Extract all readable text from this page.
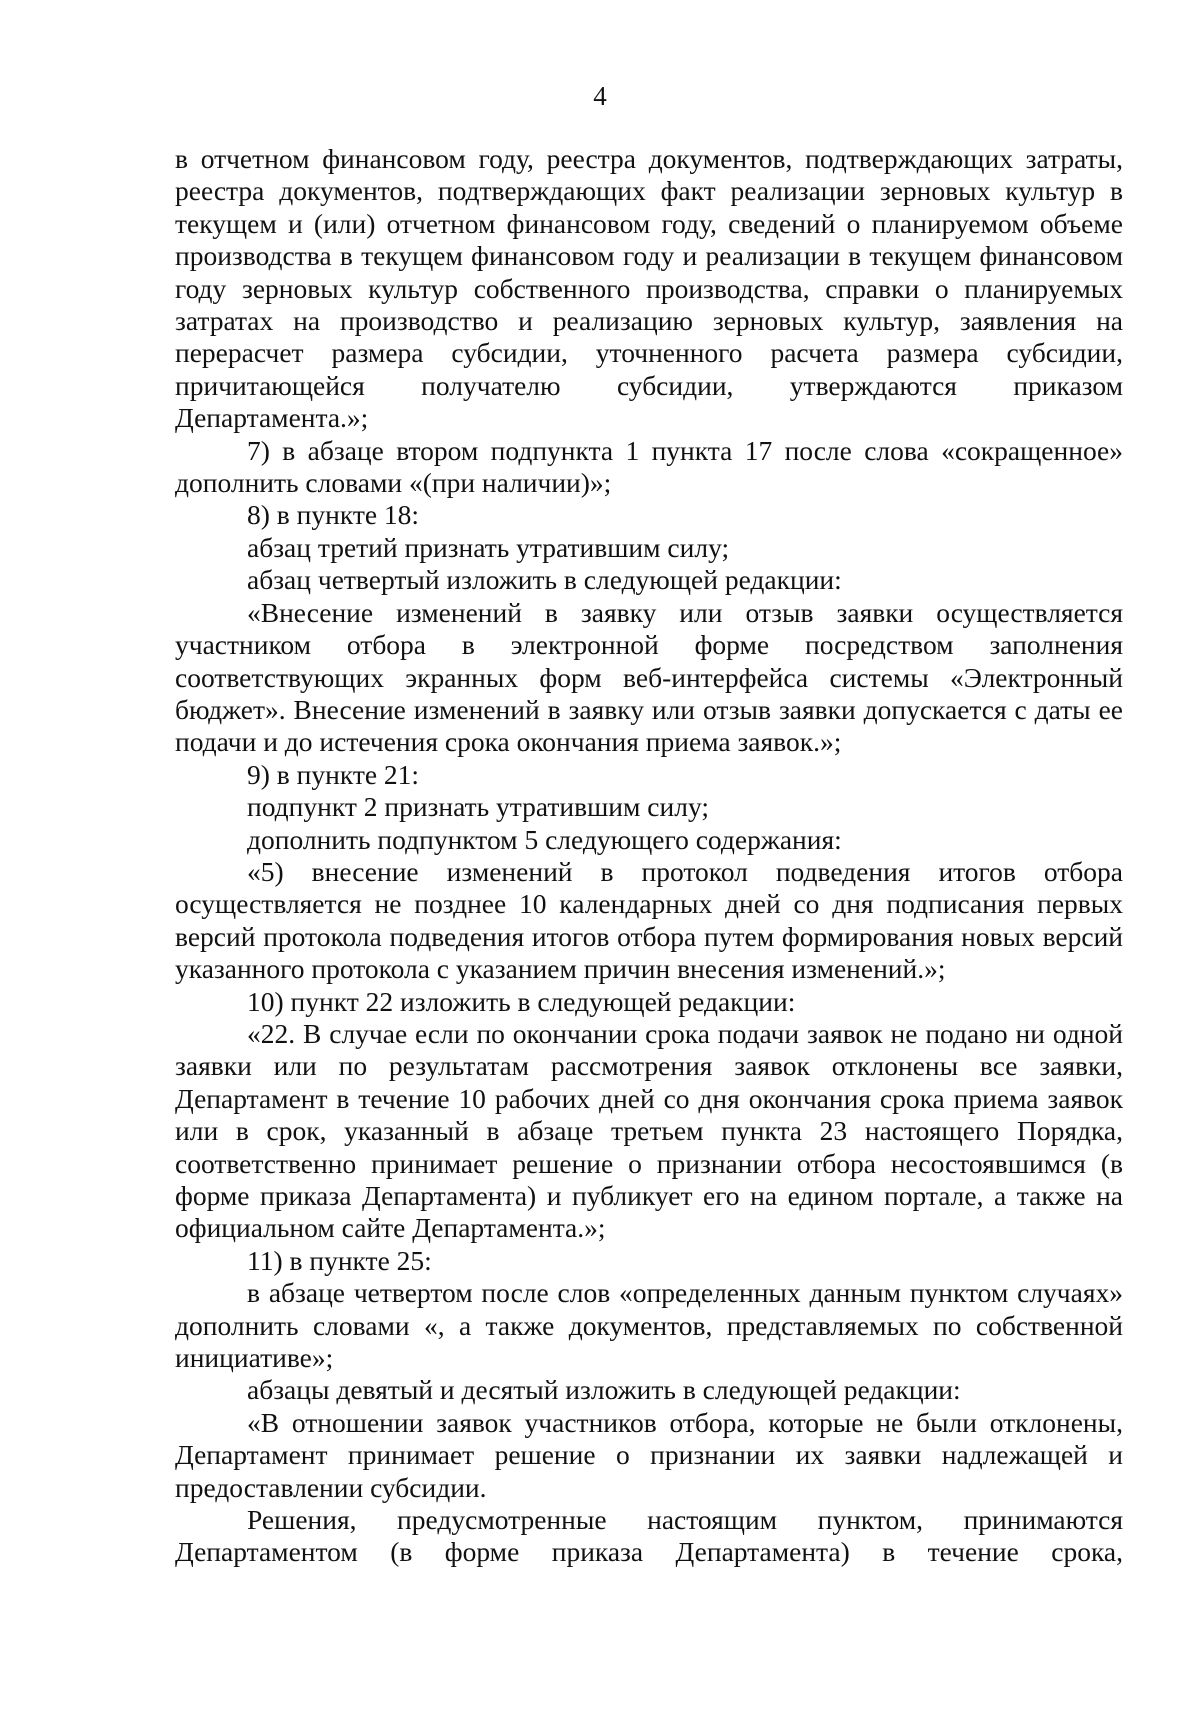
4

в отчетном финансовом году, реестра документов, подтверждающих затраты, реестра документов, подтверждающих факт реализации зерновых культур в текущем и (или) отчетном финансовом году, сведений о планируемом объеме производства в текущем финансовом году и реализации в текущем финансовом году зерновых культур собственного производства, справки о планируемых затратах на производство и реализацию зерновых культур, заявления на перерасчет размера субсидии, уточненного расчета размера субсидии, причитающейся получателю субсидии, утверждаются приказом Департамента.»;

7) в абзаце втором подпункта 1 пункта 17 после слова «сокращенное» дополнить словами «(при наличии)»;

8) в пункте 18:

абзац третий признать утратившим силу;

абзац четвертый изложить в следующей редакции:

«Внесение изменений в заявку или отзыв заявки осуществляется участником отбора в электронной форме посредством заполнения соответствующих экранных форм веб-интерфейса системы «Электронный бюджет». Внесение изменений в заявку или отзыв заявки допускается с даты ее подачи и до истечения срока окончания приема заявок.»;

9) в пункте 21:

подпункт 2 признать утратившим силу;

дополнить подпунктом 5 следующего содержания:

«5) внесение изменений в протокол подведения итогов отбора осуществляется не позднее 10 календарных дней со дня подписания первых версий протокола подведения итогов отбора путем формирования новых версий указанного протокола с указанием причин внесения изменений.»;

10) пункт 22 изложить в следующей редакции:

«22. В случае если по окончании срока подачи заявок не подано ни одной заявки или по результатам рассмотрения заявок отклонены все заявки, Департамент в течение 10 рабочих дней со дня окончания срока приема заявок или в срок, указанный в абзаце третьем пункта 23 настоящего Порядка, соответственно принимает решение о признании отбора несостоявшимся (в форме приказа Департамента) и публикует его на едином портале, а также на официальном сайте Департамента.»;

11) в пункте 25:

в абзаце четвертом после слов «определенных данным пунктом случаях» дополнить словами «, а также документов, представляемых по собственной инициативе»;

абзацы девятый и десятый изложить в следующей редакции:

«В отношении заявок участников отбора, которые не были отклонены, Департамент принимает решение о признании их заявки надлежащей и предоставлении субсидии.

Решения, предусмотренные настоящим пунктом, принимаются Департаментом (в форме приказа Департамента) в течение срока,
